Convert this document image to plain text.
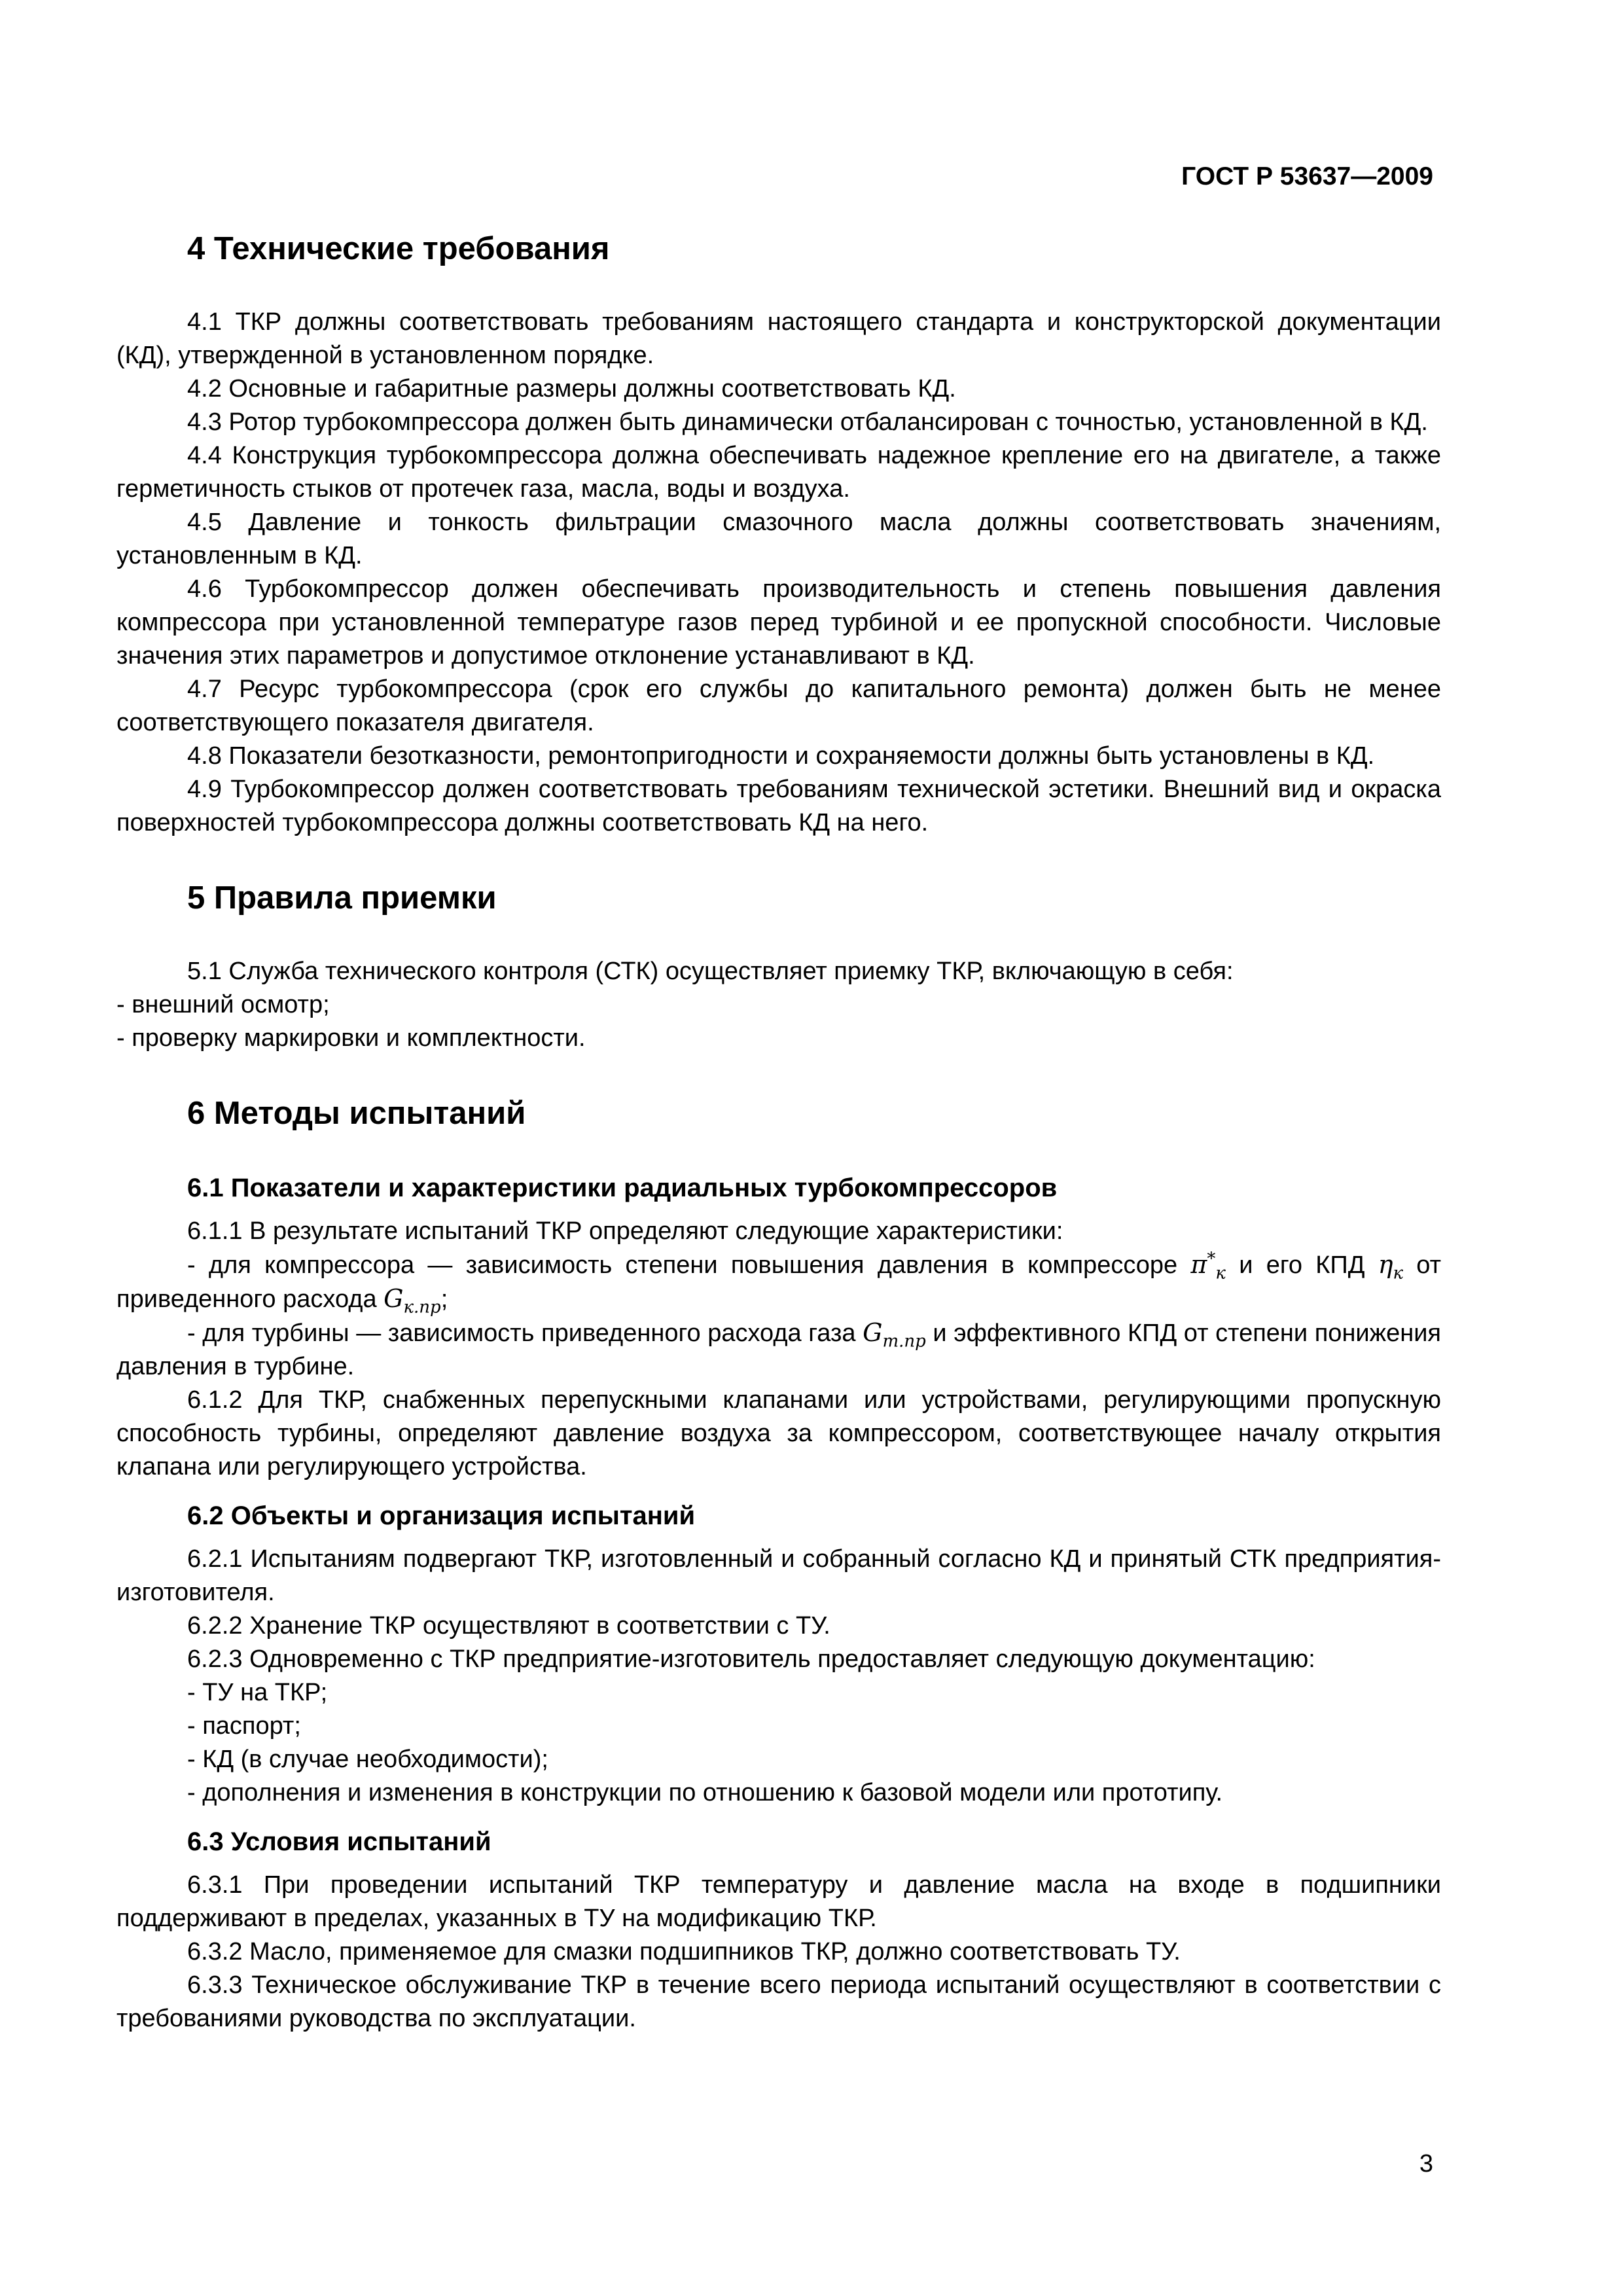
ГОСТ Р 53637—2009

4 Технические требования

4.1 ТКР должны соответствовать требованиям настоящего стандарта и конструкторской документации (КД), утвержденной в установленном порядке.

4.2 Основные и габаритные размеры должны соответствовать КД.

4.3 Ротор турбокомпрессора должен быть динамически отбалансирован с точностью, установленной в КД.

4.4 Конструкция турбокомпрессора должна обеспечивать надежное крепление его на двигателе, а также герметичность стыков от протечек газа, масла, воды и воздуха.

4.5 Давление и тонкость фильтрации смазочного масла должны соответствовать значениям, установленным в КД.

4.6 Турбокомпрессор должен обеспечивать производительность и степень повышения давления компрессора при установленной температуре газов перед турбиной и ее пропускной способности. Числовые значения этих параметров и допустимое отклонение устанавливают в КД.

4.7 Ресурс турбокомпрессора (срок его службы до капитального ремонта) должен быть не менее соответствующего показателя двигателя.

4.8 Показатели безотказности, ремонтопригодности и сохраняемости должны быть установлены в КД.

4.9 Турбокомпрессор должен соответствовать требованиям технической эстетики. Внешний вид и окраска поверхностей турбокомпрессора должны соответствовать КД на него.

5 Правила приемки

5.1 Служба технического контроля (СТК) осуществляет приемку ТКР, включающую в себя:

- внешний осмотр;

- проверку маркировки и комплектности.

6 Методы испытаний
6.1 Показатели и характеристики радиальных турбокомпрессоров

6.1.1 В результате испытаний ТКР определяют следующие характеристики:

- для компрессора — зависимость степени повышения давления в компрессоре $\pi^*_к$ и его КПД $\eta_к$ от приведенного расхода $G_{к.пр}$;

- для турбины — зависимость приведенного расхода газа $G_{т.пр}$ и эффективного КПД от степени понижения давления в турбине.

6.1.2 Для ТКР, снабженных перепускными клапанами или устройствами, регулирующими пропускную способность турбины, определяют давление воздуха за компрессором, соответствующее началу открытия клапана или регулирующего устройства.

6.2 Объекты и организация испытаний

6.2.1 Испытаниям подвергают ТКР, изготовленный и собранный согласно КД и принятый СТК предприятия-изготовителя.

6.2.2 Хранение ТКР осуществляют в соответствии с ТУ.

6.2.3 Одновременно с ТКР предприятие-изготовитель предоставляет следующую документацию:

- ТУ на ТКР;

- паспорт;

- КД (в случае необходимости);

- дополнения и изменения в конструкции по отношению к базовой модели или прототипу.

6.3 Условия испытаний

6.3.1 При проведении испытаний ТКР температуру и давление масла на входе в подшипники поддерживают в пределах, указанных в ТУ на модификацию ТКР.

6.3.2 Масло, применяемое для смазки подшипников ТКР, должно соответствовать ТУ.

6.3.3 Техническое обслуживание ТКР в течение всего периода испытаний осуществляют в соответствии с требованиями руководства по эксплуатации.

3
